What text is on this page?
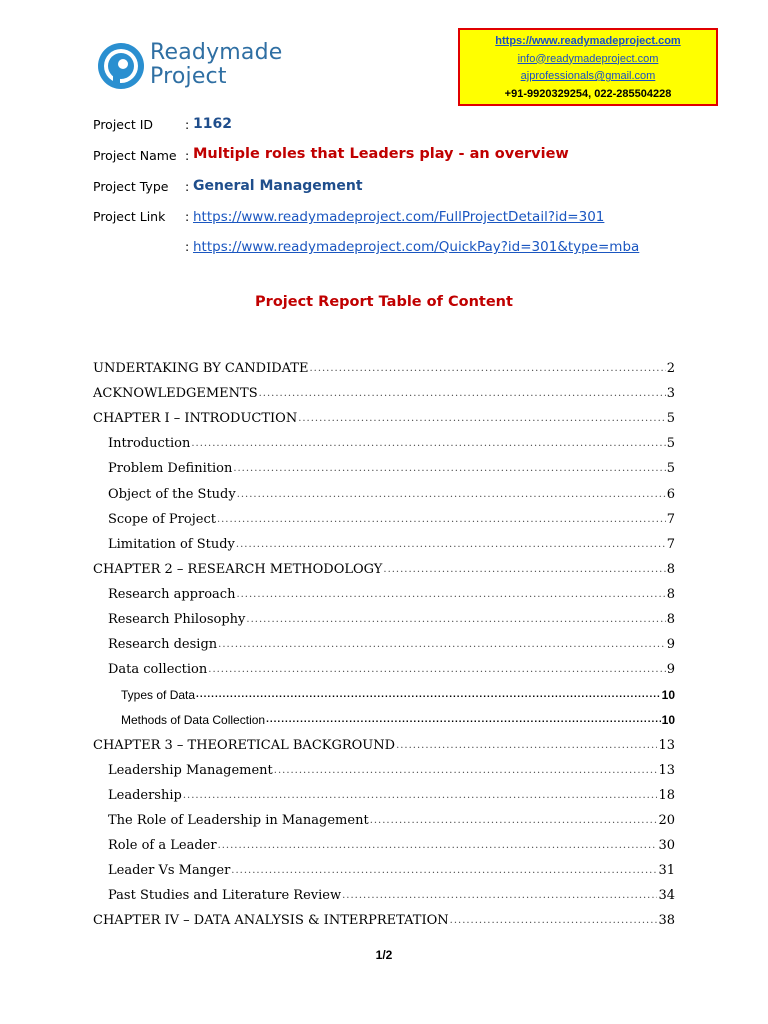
Readymade
Project
https://www.readymadeproject.com
info@readymadeproject.com
ajprofessionals@gmail.com
+91-9920329254, 022-285504228
Project ID	: 1162
Project Name : Multiple roles that Leaders play - an overview
Project Type : General Management
Project Link : https://www.readymadeproject.com/FullProjectDetail?id=301
: https://www.readymadeproject.com/QuickPay?id=301&type=mba
Project Report Table of Content
UNDERTAKING BY CANDIDATE .....	2
ACKNOWLEDGEMENTS .....	3
CHAPTER I – INTRODUCTION .....	5
Introduction .....	5
Problem Definition .....	5
Object of the Study .....	6
Scope of Project .....	7
Limitation of Study .....	7
CHAPTER 2 – RESEARCH METHODOLOGY .....	8
Research approach .....	8
Research Philosophy .....	8
Research design .....	9
Data collection .....	9
Types of Data .....	10
Methods of Data Collection .....	10
CHAPTER 3 – THEORETICAL BACKGROUND .....	13
Leadership Management .....	13
Leadership .....	18
The Role of Leadership in Management .....	20
Role of a Leader .....	30
Leader Vs Manger .....	31
Past Studies and Literature Review .....	34
CHAPTER IV – DATA ANALYSIS & INTERPRETATION .....	38
1/2
